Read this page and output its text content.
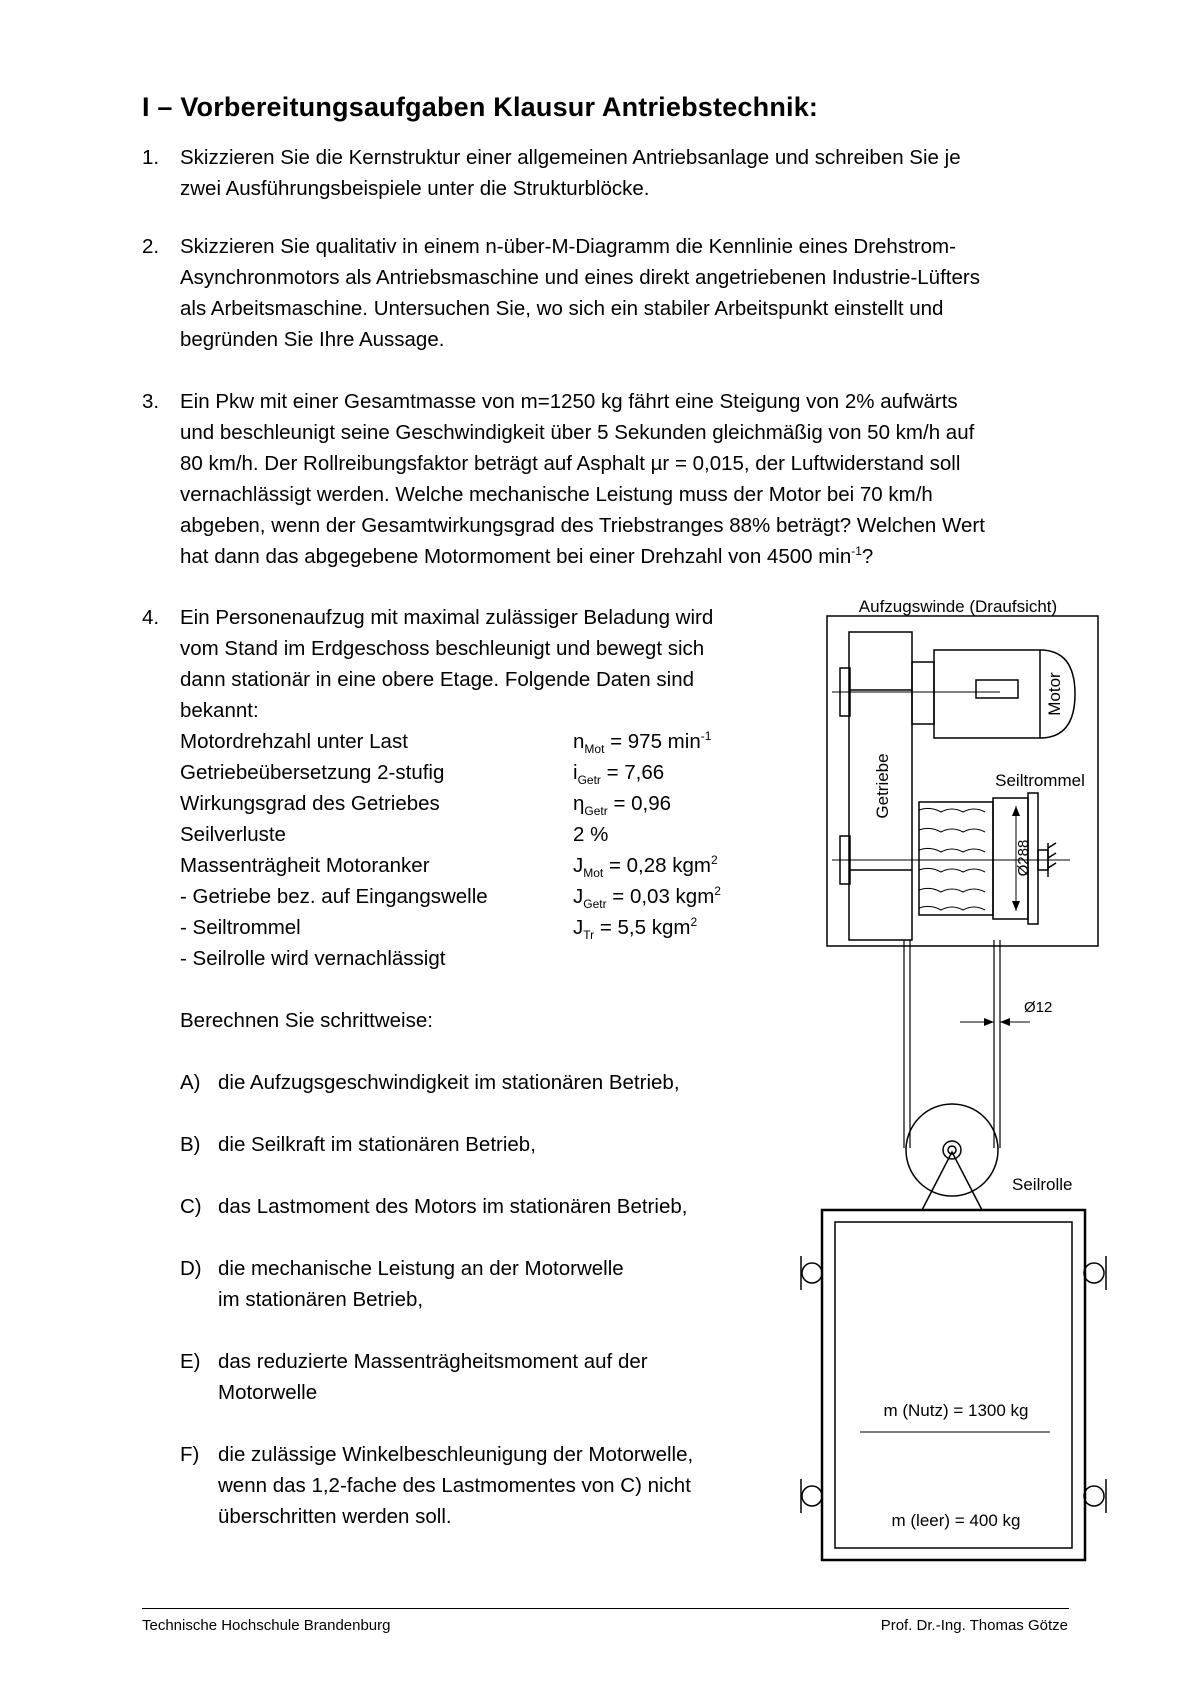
I – Vorbereitungsaufgaben Klausur Antriebstechnik:
1. Skizzieren Sie die Kernstruktur einer allgemeinen Antriebsanlage und schreiben Sie je
zwei Ausführungsbeispiele unter die Strukturblöcke.
2. Skizzieren Sie qualitativ in einem n-über-M-Diagramm die Kennlinie eines Drehstrom-
Asynchronmotors als Antriebsmaschine und eines direkt angetriebenen Industrie-Lüfters
als Arbeitsmaschine. Untersuchen Sie, wo sich ein stabiler Arbeitspunkt einstellt und
begründen Sie Ihre Aussage.
3. Ein Pkw mit einer Gesamtmasse von m=1250 kg fährt eine Steigung von 2% aufwärts
und beschleunigt seine Geschwindigkeit über 5 Sekunden gleichmäßig von 50 km/h auf
80 km/h. Der Rollreibungsfaktor beträgt auf Asphalt µr = 0,015, der Luftwiderstand soll
vernachlässigt werden. Welche mechanische Leistung muss der Motor bei 70 km/h
abgeben, wenn der Gesamtwirkungsgrad des Triebstranges 88% beträgt? Welchen Wert
hat dann das abgegebene Motormoment bei einer Drehzahl von 4500 $\min^{-1}$?
4. Ein Personenaufzug mit maximal zulässiger Beladung wird
vom Stand im Erdgeschoss beschleunigt und bewegt sich
dann stationär in eine obere Etage. Folgende Daten sind
bekannt:
Motordrehzahl unter Last	$n_{Mot} = 975$ $\min^{-1}$
Getriebeübersetzung 2-stufig	$i_{Getr} = 7,66$
Wirkungsgrad des Getriebes	$\eta_{Getr} = 0,96$
Seilverluste	2 %
Massenträgheit Motoranker	$J_{Mot} = 0,28$ kgm$^2$
- Getriebe bez. auf Eingangswelle	$J_{Getr} = 0,03$ kgm$^2$
- Seiltrommel	$J_{Tr} = 5,5$ kgm$^2$
- Seilrolle wird vernachlässigt
Berechnen Sie schrittweise:
A) die Aufzugsgeschwindigkeit im stationären Betrieb,
B) die Seilkraft im stationären Betrieb,
C) das Lastmoment des Motors im stationären Betrieb,
D) die mechanische Leistung an der Motorwelle
im stationären Betrieb,
E) das reduzierte Massenträgheitsmoment auf der
Motorwelle
F) die zulässige Winkelbeschleunigung der Motorwelle,
wenn das 1,2-fache des Lastmomentes von C) nicht
überschritten werden soll.
Aufzugswinde (Draufsicht)
Motor
Getriebe	Seiltrommel
Ø288
Ø12
Seilrolle
m (Nutz) = 1300 kg
m (leer) = 400 kg
Technische Hochschule Brandenburg	Prof. Dr.-Ing. Thomas Götze
